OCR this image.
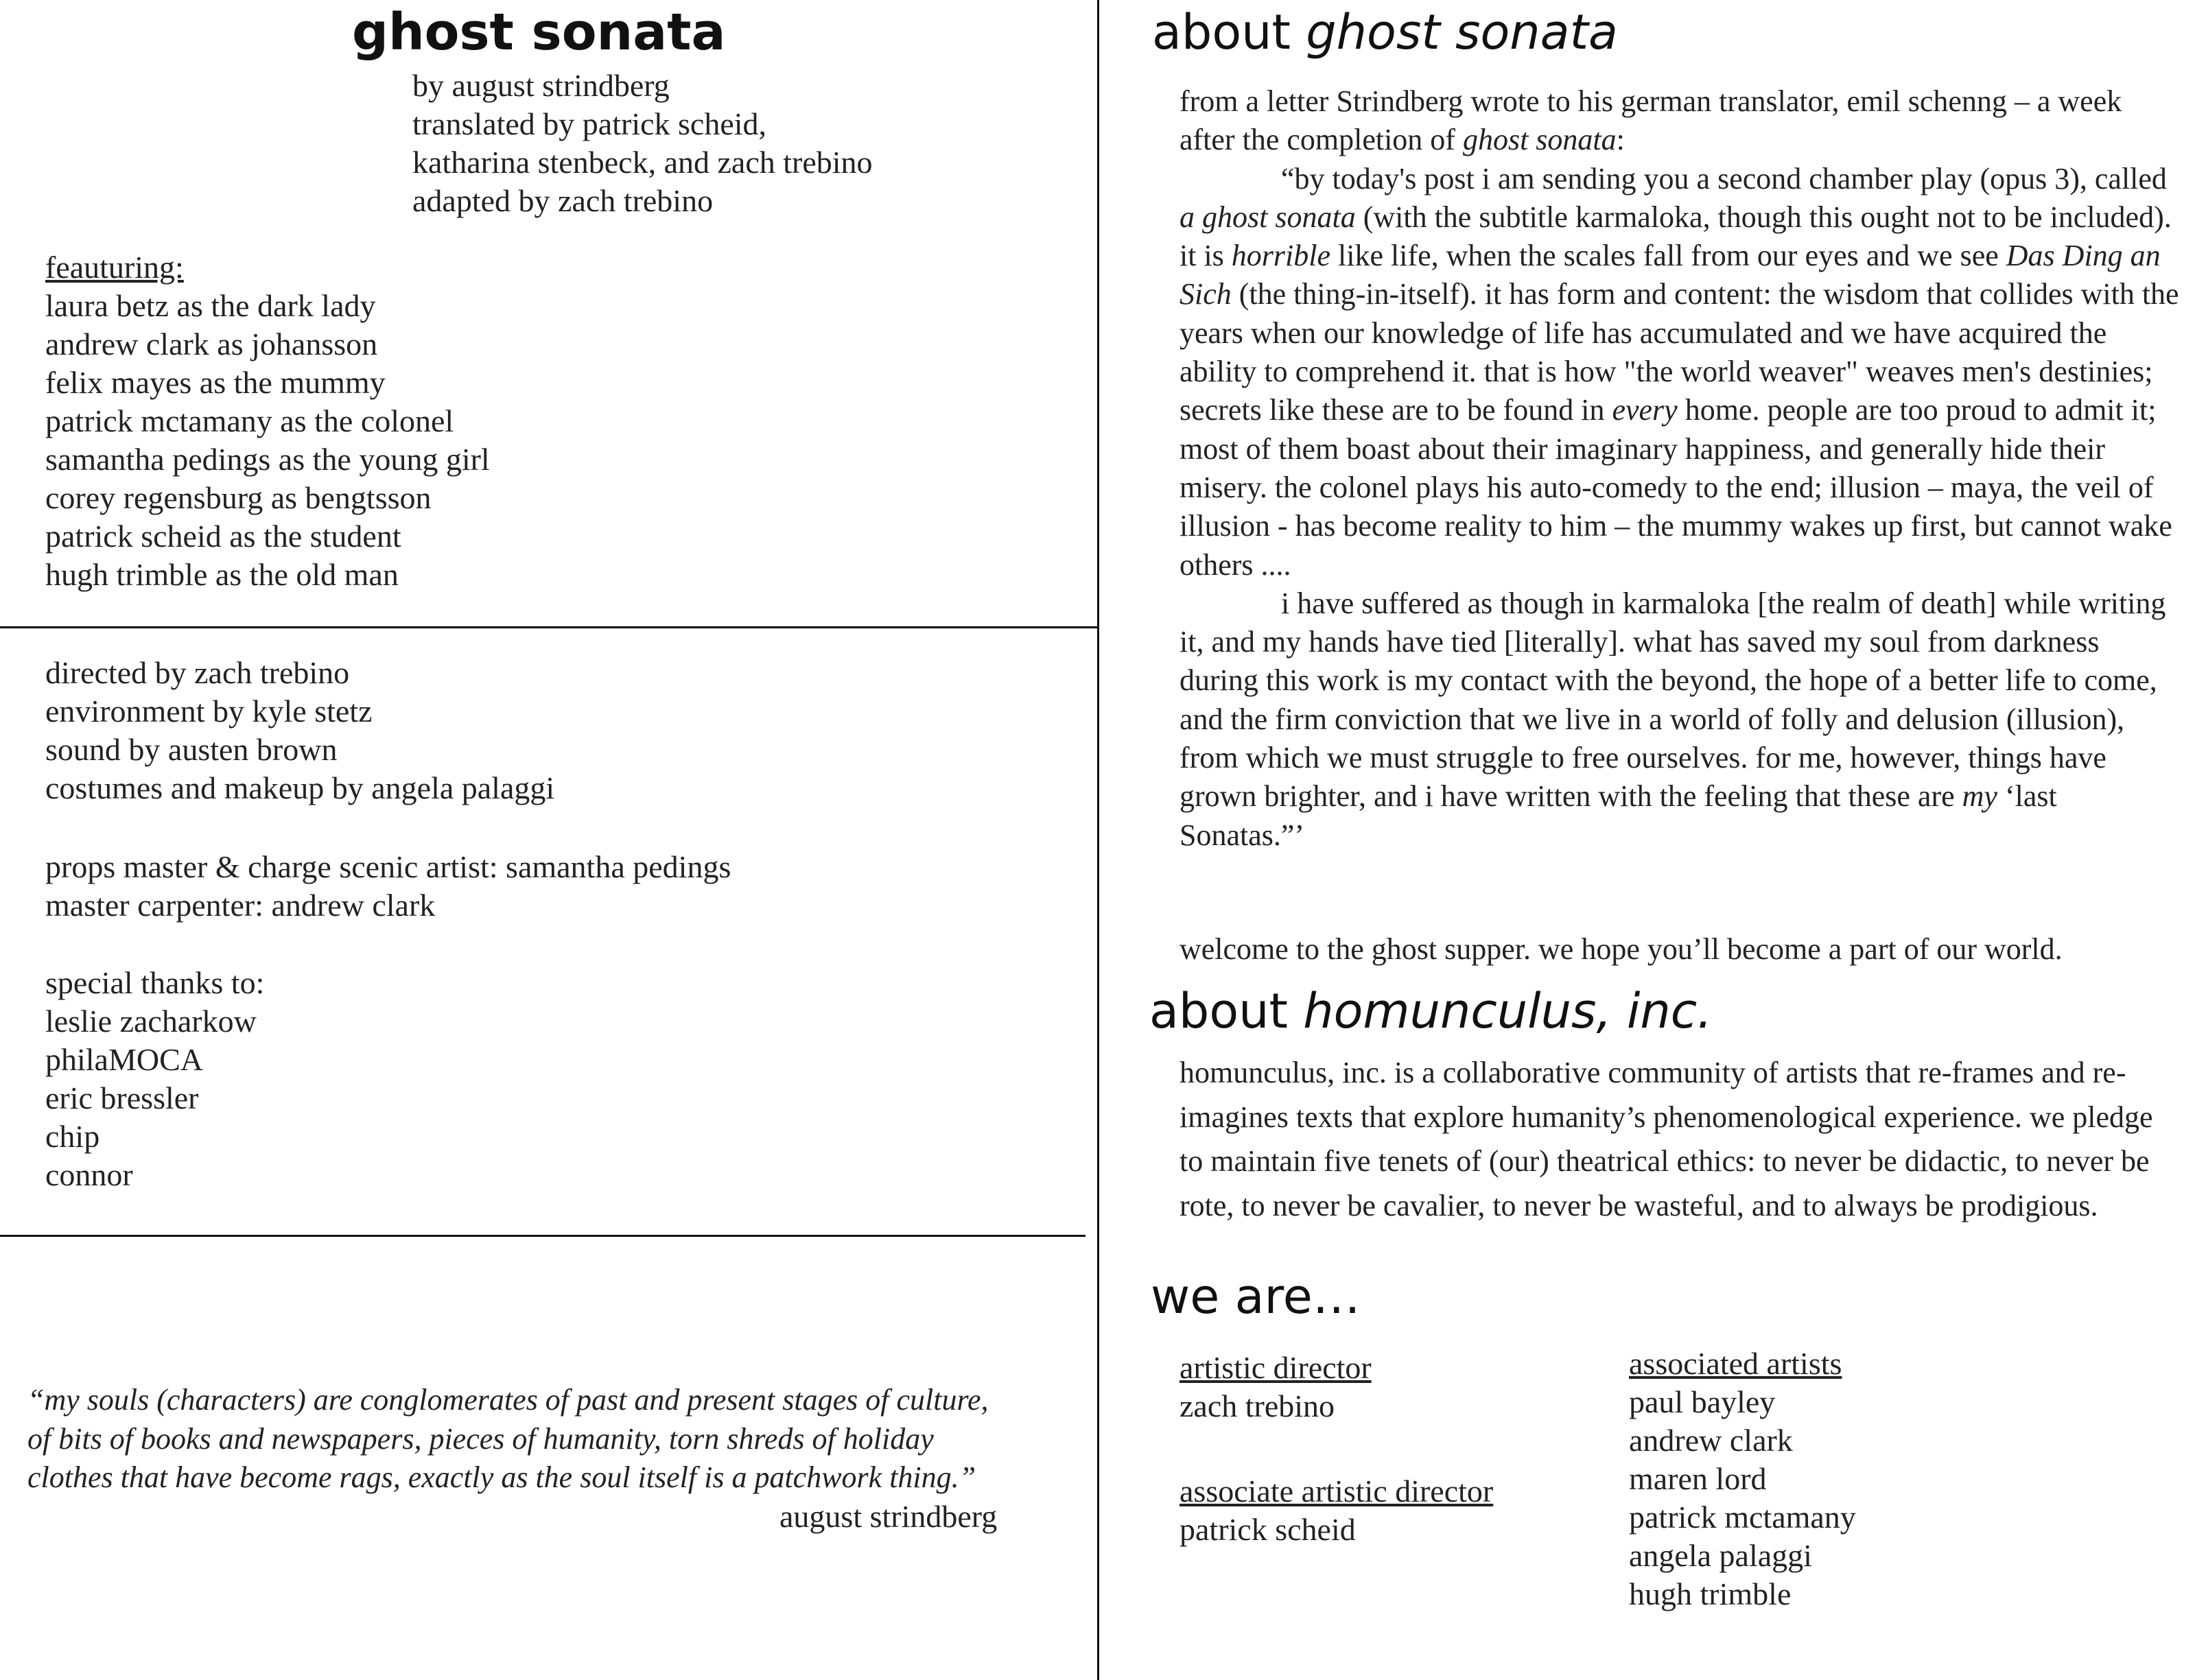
ghost sonata
by august strindberg
translated by patrick scheid,
katharina stenbeck, and zach trebino
adapted by zach trebino
feauturing:
laura betz as the dark lady
andrew clark as johansson
felix mayes as the mummy
patrick mctamany as the colonel
samantha pedings as the young girl
corey regensburg as bengtsson
patrick scheid as the student
hugh trimble as the old man
directed by zach trebino
environment by kyle stetz
sound by austen brown
costumes and makeup by angela palaggi
props master & charge scenic artist: samantha pedings
master carpenter: andrew clark
special thanks to:
leslie zacharkow
philaMOCA
eric bressler
chip
connor
“my souls (characters) are conglomerates of past and present stages of culture, of bits of books and newspapers, pieces of humanity, torn shreds of holiday clothes that have become rags, exactly as the soul itself is a patchwork thing.”
august strindberg
about ghost sonata
from a letter Strindberg wrote to his german translator, emil schenng – a week after the completion of ghost sonata:
“by today's post i am sending you a second chamber play (opus 3), called a ghost sonata (with the subtitle karmaloka, though this ought not to be included). it is horrible like life, when the scales fall from our eyes and we see Das Ding an Sich (the thing-in-itself). it has form and content: the wisdom that collides with the years when our knowledge of life has accumulated and we have acquired the ability to comprehend it. that is how "the world weaver" weaves men's destinies; secrets like these are to be found in every home. people are too proud to admit it; most of them boast about their imaginary happiness, and generally hide their misery. the colonel plays his auto-comedy to the end; illusion – maya, the veil of illusion - has become reality to him – the mummy wakes up first, but cannot wake others ....
i have suffered as though in karmaloka [the realm of death] while writing it, and my hands have tied [literally]. what has saved my soul from darkness during this work is my contact with the beyond, the hope of a better life to come, and the firm conviction that we live in a world of folly and delusion (illusion), from which we must struggle to free ourselves. for me, however, things have grown brighter, and i have written with the feeling that these are my ‘last Sonatas.”’
welcome to the ghost supper. we hope you’ll become a part of our world.
about homunculus, inc.
homunculus, inc. is a collaborative community of artists that re-frames and re-imagines texts that explore humanity’s phenomenological experience. we pledge to maintain five tenets of (our) theatrical ethics: to never be didactic, to never be rote, to never be cavalier, to never be wasteful, and to always be prodigious.
we are…
artistic director
zach trebino
associate artistic director
patrick scheid
associated artists
paul bayley
andrew clark
maren lord
patrick mctamany
angela palaggi
hugh trimble
